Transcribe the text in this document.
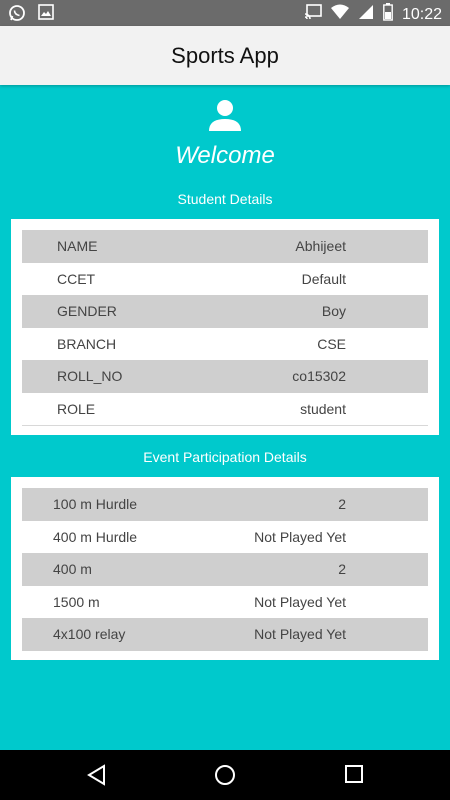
10:22
Sports App
Welcome
Student Details
NAME	Abhijeet
CCET	Default
GENDER	Boy
BRANCH	CSE
ROLL_NO	co15302
ROLE	student
Event Participation Details
100 m Hurdle	2
400 m Hurdle	Not Played Yet
400 m	2
1500 m	Not Played Yet
4x100 relay	Not Played Yet
